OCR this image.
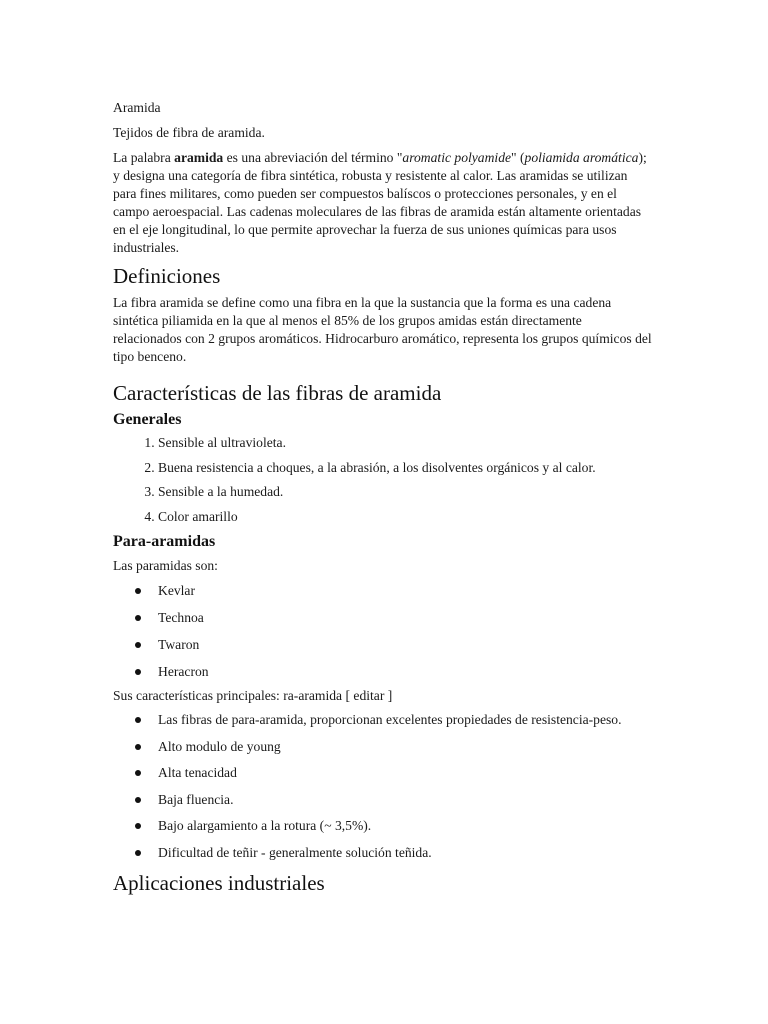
Aramida

Tejidos de fibra de aramida.

La palabra aramida es una abreviación del término "aromatic polyamide" (poliamida aromática); y designa una categoría de fibra sintética, robusta y resistente al calor. Las aramidas se utilizan para fines militares, como pueden ser compuestos balíscos o protecciones personales, y en el campo aeroespacial. Las cadenas moleculares de las fibras de aramida están altamente orientadas en el eje longitudinal, lo que permite aprovechar la fuerza de sus uniones químicas para usos industriales.

Definiciones

La fibra aramida se define como una fibra en la que la sustancia que la forma es una cadena sintética piliamida en la que al menos el 85% de los grupos amidas están directamente relacionados con 2 grupos aromáticos. Hidrocarburo aromático, representa los grupos químicos del tipo benceno.

Características de las fibras de aramida
Generales
1. Sensible al ultravioleta.
2. Buena resistencia a choques, a la abrasión, a los disolventes orgánicos y al calor.
3. Sensible a la humedad.
4. Color amarillo
Para-aramidas

Las paramidas son:

Kevlar
Technoa
Twaron
Heracron

Sus características principales: ra-aramida [ editar ]

Las fibras de para-aramida, proporcionan excelentes propiedades de resistencia-peso.
Alto modulo de young
Alta tenacidad
Baja fluencia.
Bajo alargamiento a la rotura (~ 3,5%).
Dificultad de teñir - generalmente solución teñida.
Aplicaciones industriales
